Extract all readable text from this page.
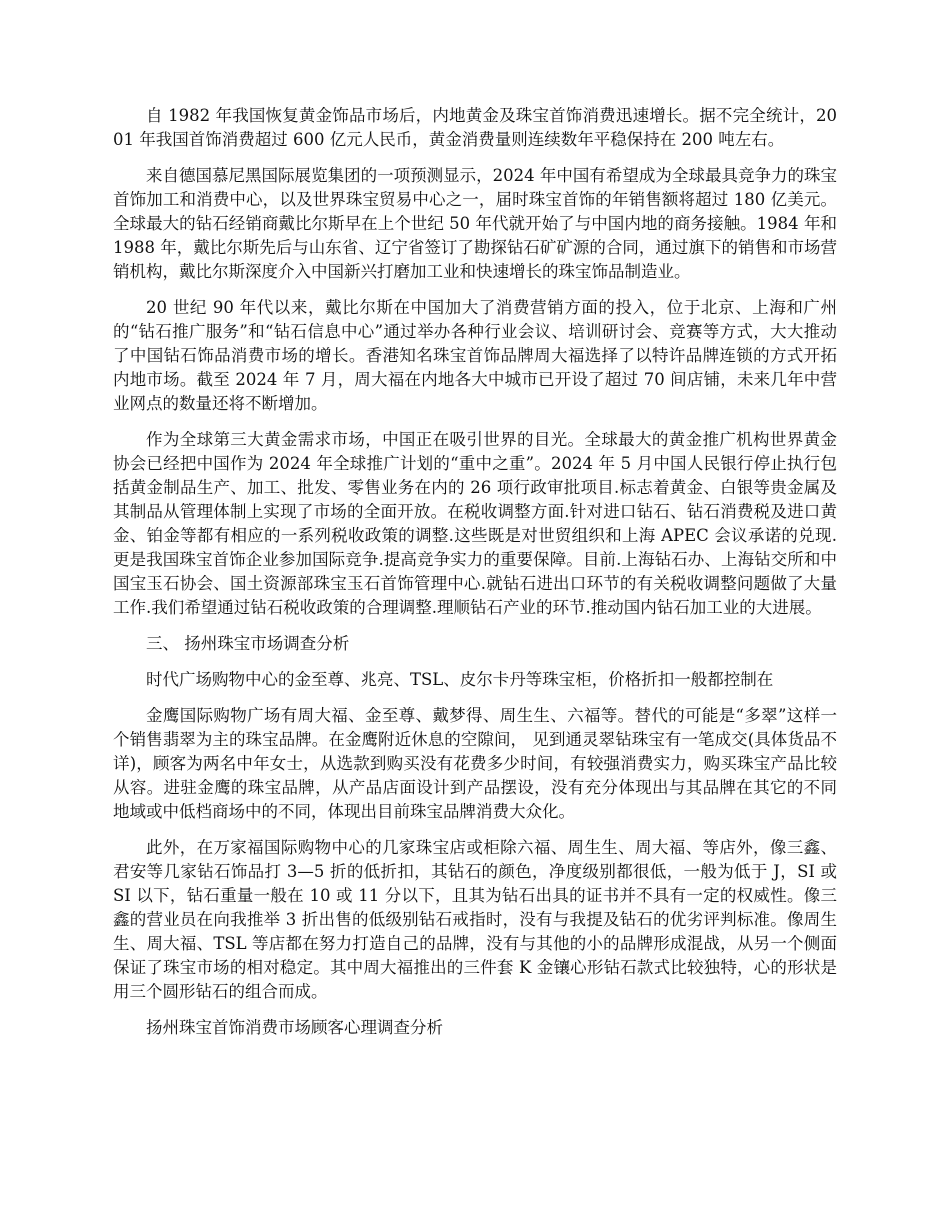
自 1982 年我国恢复黄金饰品市场后，内地黄金及珠宝首饰消费迅速增长。据不完全统计，2001 年我国首饰消费超过 600 亿元人民币，黄金消费量则连续数年平稳保持在 200 吨左右。

来自德国慕尼黑国际展览集团的一项预测显示，2024 年中国有希望成为全球最具竞争力的珠宝首饰加工和消费中心，以及世界珠宝贸易中心之一，届时珠宝首饰的年销售额将超过 180 亿美元。全球最大的钻石经销商戴比尔斯早在上个世纪 50 年代就开始了与中国内地的商务接触。1984 年和 1988 年，戴比尔斯先后与山东省、辽宁省签订了勘探钻石矿矿源的合同，通过旗下的销售和市场营销机构，戴比尔斯深度介入中国新兴打磨加工业和快速增长的珠宝饰品制造业。

20 世纪 90 年代以来，戴比尔斯在中国加大了消费营销方面的投入，位于北京、上海和广州的“钻石推广服务”和“钻石信息中心”通过举办各种行业会议、培训研讨会、竞赛等方式，大大推动了中国钻石饰品消费市场的增长。香港知名珠宝首饰品牌周大福选择了以特许品牌连锁的方式开拓内地市场。截至 2024 年 7 月，周大福在内地各大中城市已开设了超过 70 间店铺，未来几年中营业网点的数量还将不断增加。

作为全球第三大黄金需求市场，中国正在吸引世界的目光。全球最大的黄金推广机构世界黄金协会已经把中国作为 2024 年全球推广计划的“重中之重”。2024 年 5 月中国人民银行停止执行包括黄金制品生产、加工、批发、零售业务在内的 26 项行政审批项目.标志着黄金、白银等贵金属及其制品从管理体制上实现了市场的全面开放。在税收调整方面.针对进口钻石、钻石消费税及进口黄金、铂金等都有相应的一系列税收政策的调整.这些既是对世贸组织和上海 APEC 会议承诺的兑现.更是我国珠宝首饰企业参加国际竞争.提高竞争实力的重要保障。目前.上海钻石办、上海钻交所和中国宝玉石协会、国土资源部珠宝玉石首饰管理中心.就钻石进出口环节的有关税收调整问题做了大量工作.我们希望通过钻石税收政策的合理调整.理顺钻石产业的环节.推动国内钻石加工业的大进展。

三、 扬州珠宝市场调查分析

时代广场购物中心的金至尊、兆亮、TSL、皮尔卡丹等珠宝柜，价格折扣一般都控制在

金鹰国际购物广场有周大福、金至尊、戴梦得、周生生、六福等。替代的可能是“多翠”这样一个销售翡翠为主的珠宝品牌。在金鹰附近休息的空隙间， 见到通灵翠钻珠宝有一笔成交(具体货品不详)，顾客为两名中年女士，从选款到购买没有花费多少时间，有较强消费实力，购买珠宝产品比较从容。进驻金鹰的珠宝品牌，从产品店面设计到产品摆设，没有充分体现出与其品牌在其它的不同地域或中低档商场中的不同，体现出目前珠宝品牌消费大众化。

此外，在万家福国际购物中心的几家珠宝店或柜除六福、周生生、周大福、等店外，像三鑫、君安等几家钻石饰品打 3—5 折的低折扣，其钻石的颜色，净度级别都很低，一般为低于 J，SI 或 SI 以下，钻石重量一般在 10 或 11 分以下，且其为钻石出具的证书并不具有一定的权威性。像三鑫的营业员在向我推举 3 折出售的低级别钻石戒指时，没有与我提及钻石的优劣评判标准。像周生生、周大福、TSL 等店都在努力打造自己的品牌，没有与其他的小的品牌形成混战，从另一个侧面保证了珠宝市场的相对稳定。其中周大福推出的三件套 K 金镶心形钻石款式比较独特，心的形状是用三个圆形钻石的组合而成。

扬州珠宝首饰消费市场顾客心理调查分析
